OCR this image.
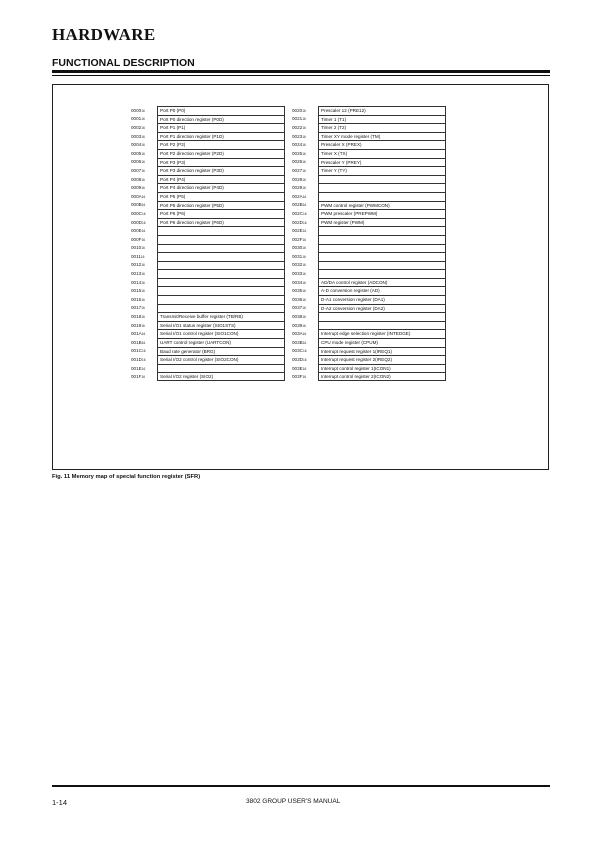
HARDWARE
FUNCTIONAL DESCRIPTION
000016	Port P0 (P0)
000116	Port P0 direction register (P0D)
000216	Port P1 (P1)
000316	Port P1 direction register (P1D)
000416	Port P2 (P2)
000516	Port P2 direction register (P2D)
000616	Port P3 (P3)
000716	Port P3 direction register (P3D)
000816	Port P4 (P4)
000916	Port P4 direction register (P4D)
000A16	Port P5 (P5)
000B16	Port P5 direction register (P5D)
000C16	Port P6 (P6)
000D16	Port P6 direction register (P6D)
000E16
000F16
001016
001116
001216
001316
001416
001516
001616
001716
001816	Transmit/Receive buffer register (TB/RB)
001916	Serial I/O1 status register (SIO1STS)
001A16	Serial I/O1 control register (SIO1CON)
001B16	UART control register (UARTCON)
001C16	Baud rate generator (BRG)
001D16	Serial I/O2 control register (SIO2CON)
001E16
001F16	Serial I/O2 register (SIO2)
002016	Prescaler 12 (PRE12)
002116	Timer 1 (T1)
002216	Timer 2 (T2)
002316	Timer XY mode register (TM)
002416	Prescaler X (PREX)
002516	Timer X (TX)
002616	Prescaler Y (PREY)
002716	Timer Y (TY)
002816
002916
002A16
002B16	PWM control register (PWMCON)
002C16	PWM prescaler (PREPWM)
002D16	PWM register (PWM)
002E16
002F16
003016
003116
003216
003316
003416	AD/DA control register (ADCON)
003516	A-D conversion register (AD)
003616	D-A1 conversion register (DA1)
003716	D-A2 conversion register (DA2)
003816
003916
003A16	Interrupt edge selection register (INTEDGE)
003B16	CPU mode register (CPUM)
003C16	Interrupt request register 1(IREQ1)
003D16	Interrupt request register 2(IREQ2)
003E16	Interrupt control register 1(ICON1)
003F16	Interrupt control register 2(ICON2)
Fig. 11 Memory map of special function register (SFR)
1-14	3802 GROUP USER'S MANUAL
